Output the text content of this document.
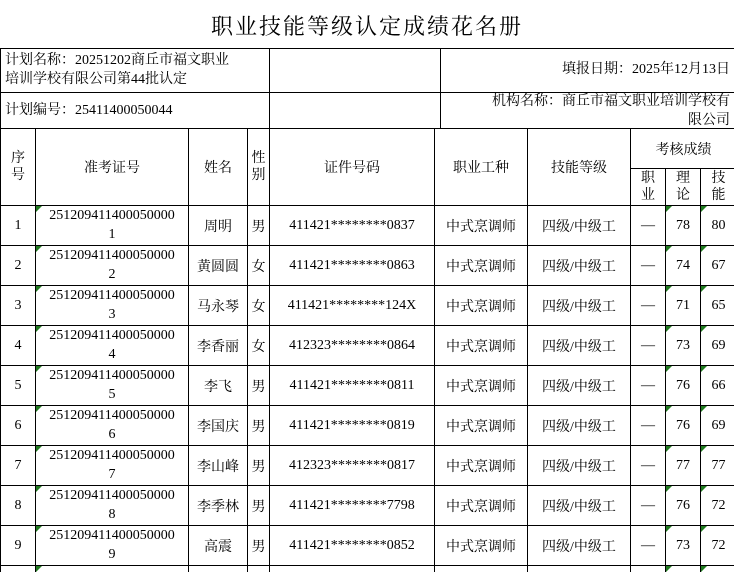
职业技能等级认定成绩花名册
计划名称：20251202商丘市福文职业培训学校有限公司第44批认定		填报日期：2025年12月13日
计划编号：25411400050044		机构名称：商丘市福文职业培训学校有限公司
序号	准考证号	姓名	性别	证件号码	职业工种	技能等级	考核成绩		
							职业	理论	技能
1	2512094114000500001	周明	男	411421********0837	中式烹调师	四级/中级工	—	78	80
2	2512094114000500002	黄圆圆	女	411421********0863	中式烹调师	四级/中级工	—	74	67
3	2512094114000500003	马永琴	女	411421********124X	中式烹调师	四级/中级工	—	71	65
4	2512094114000500004	李香丽	女	412323********0864	中式烹调师	四级/中级工	—	73	69
5	2512094114000500005	李飞	男	411421********0811	中式烹调师	四级/中级工	—	76	66
6	2512094114000500006	李国庆	男	411421********0819	中式烹调师	四级/中级工	—	76	69
7	2512094114000500007	李山峰	男	412323********0817	中式烹调师	四级/中级工	—	77	77
8	2512094114000500008	李季林	男	411421********7798	中式烹调师	四级/中级工	—	76	72
9	2512094114000500009	高震	男	411421********0852	中式烹调师	四级/中级工	—	73	72
